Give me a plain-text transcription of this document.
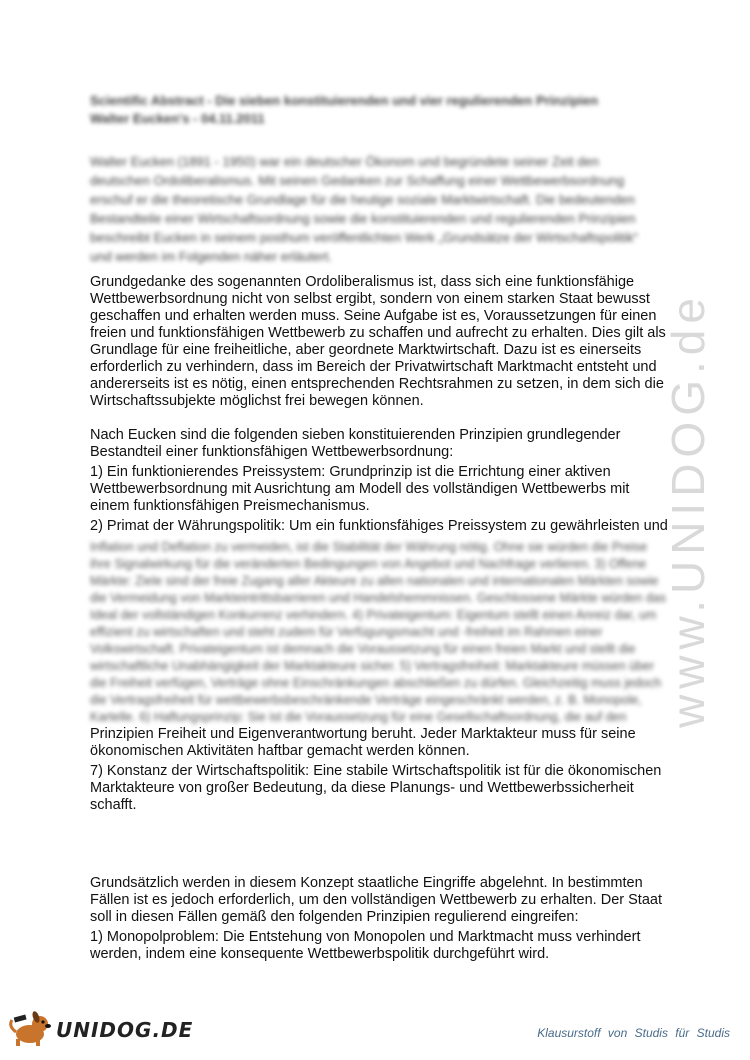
www.UNIDOG.de
Scientific Abstract - Die sieben konstituierenden und vier regulierenden Prinzipien
Walter Eucken's - 04.11.2011
Walter Eucken (1891 - 1950) war ein deutscher Ökonom und begründete seiner Zeit den deutschen Ordoliberalismus. Mit seinen Gedanken zur Schaffung einer Wettbewerbsordnung erschuf er die theoretische Grundlage für die heutige soziale Marktwirtschaft. Die bedeutenden Bestandteile einer Wirtschaftsordnung sowie die konstituierenden und regulierenden Prinzipien beschreibt Eucken in seinem posthum veröffentlichten Werk „Grundsätze der Wirtschaftspolitik“ und werden im Folgenden näher erläutert.

Grundgedanke des sogenannten Ordoliberalismus ist, dass sich eine funktionsfähige Wettbewerbsordnung nicht von selbst ergibt, sondern von einem starken Staat bewusst geschaffen und erhalten werden muss. Seine Aufgabe ist es, Voraussetzungen für einen freien und funktionsfähigen Wettbewerb zu schaffen und aufrecht zu erhalten. Dies gilt als Grundlage für eine freiheitliche, aber geordnete Marktwirtschaft. Dazu ist es einerseits erforderlich zu verhindern, dass im Bereich der Privatwirtschaft Marktmacht entsteht und andererseits ist es nötig, einen entsprechenden Rechtsrahmen zu setzen, in dem sich die Wirtschaftssubjekte möglichst frei bewegen können.

Nach Eucken sind die folgenden sieben konstituierenden Prinzipien grundlegender Bestandteil einer funktionsfähigen Wettbewerbsordnung:
1) Ein funktionierendes Preissystem: Grundprinzip ist die Errichtung einer aktiven Wettbewerbsordnung mit Ausrichtung am Modell des vollständigen Wettbewerbs mit einem funktionsfähigen Preismechanismus.
2) Primat der Währungspolitik: Um ein funktionsfähiges Preissystem zu gewährleisten und
Inflation und Deflation zu vermeiden, ist die Stabilität der Währung nötig. Ohne sie würden die Preise ihre Signalwirkung für die veränderten Bedingungen von Angebot und Nachfrage verlieren. 3) Offene Märkte: Ziele sind der freie Zugang aller Akteure zu allen nationalen und internationalen Märkten sowie die Vermeidung von Markteintrittsbarrieren und Handelshemmnissen. Geschlossene Märkte würden das Ideal der vollständigen Konkurrenz verhindern. 4) Privateigentum: Eigentum stellt einen Anreiz dar, um effizient zu wirtschaften und steht zudem für Verfügungsmacht und -freiheit im Rahmen einer Volkswirtschaft. Privateigentum ist demnach die Voraussetzung für einen freien Markt und stellt die wirtschaftliche Unabhängigkeit der Marktakteure sicher. 5) Vertragsfreiheit: Marktakteure müssen über die Freiheit verfügen, Verträge ohne Einschränkungen abschließen zu dürfen. Gleichzeitig muss jedoch die Vertragsfreiheit für wettbewerbsbeschränkende Verträge eingeschränkt werden, z. B. Monopole, Kartelle. 6) Haftungsprinzip: Sie ist die Voraussetzung für eine Gesellschaftsordnung, die auf den
Prinzipien Freiheit und Eigenverantwortung beruht. Jeder Marktakteur muss für seine ökonomischen Aktivitäten haftbar gemacht werden können.
7) Konstanz der Wirtschaftspolitik: Eine stabile Wirtschaftspolitik ist für die ökonomischen Marktakteure von großer Bedeutung, da diese Planungs- und Wettbewerbssicherheit schafft.
Grundsätzlich werden in diesem Konzept staatliche Eingriffe abgelehnt. In bestimmten Fällen ist es jedoch erforderlich, um den vollständigen Wettbewerb zu erhalten. Der Staat soll in diesen Fällen gemäß den folgenden Prinzipien regulierend eingreifen:
1) Monopolproblem: Die Entstehung von Monopolen und Marktmacht muss verhindert werden, indem eine konsequente Wettbewerbspolitik durchgeführt wird.
UNIDOG.DE	Klausurstoff von Studis für Studis
